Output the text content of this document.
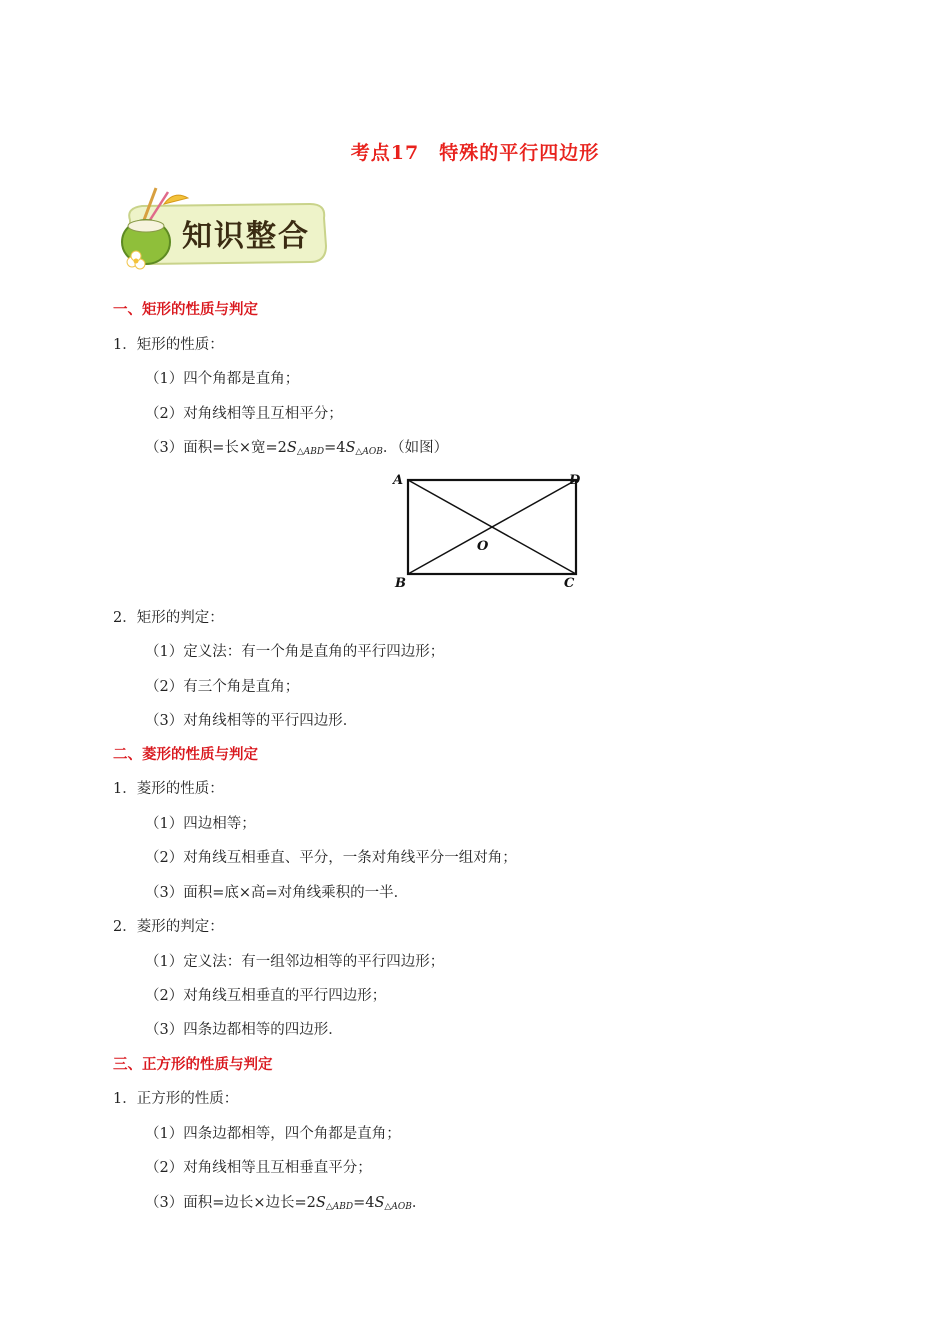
考点17　特殊的平行四边形
知识整合
一、矩形的性质与判定
1．矩形的性质：
（1）四个角都是直角；
（2）对角线相等且互相平分；
（3）面积=长×宽$=2S_{\triangle ABD}=4S_{\triangle AOB}$．（如图）
A	D
B	C
O
2．矩形的判定：
（1）定义法：有一个角是直角的平行四边形；
（2）有三个角是直角；
（3）对角线相等的平行四边形．
二、菱形的性质与判定
1．菱形的性质：
（1）四边相等；
（2）对角线互相垂直、平分，一条对角线平分一组对角；
（3）面积=底×高=对角线乘积的一半．
2．菱形的判定：
（1）定义法：有一组邻边相等的平行四边形；
（2）对角线互相垂直的平行四边形；
（3）四条边都相等的四边形．
三、正方形的性质与判定
1．正方形的性质：
（1）四条边都相等，四个角都是直角；
（2）对角线相等且互相垂直平分；
（3）面积=边长×边长$=2S_{\triangle ABD}=4S_{\triangle AOB}$．
